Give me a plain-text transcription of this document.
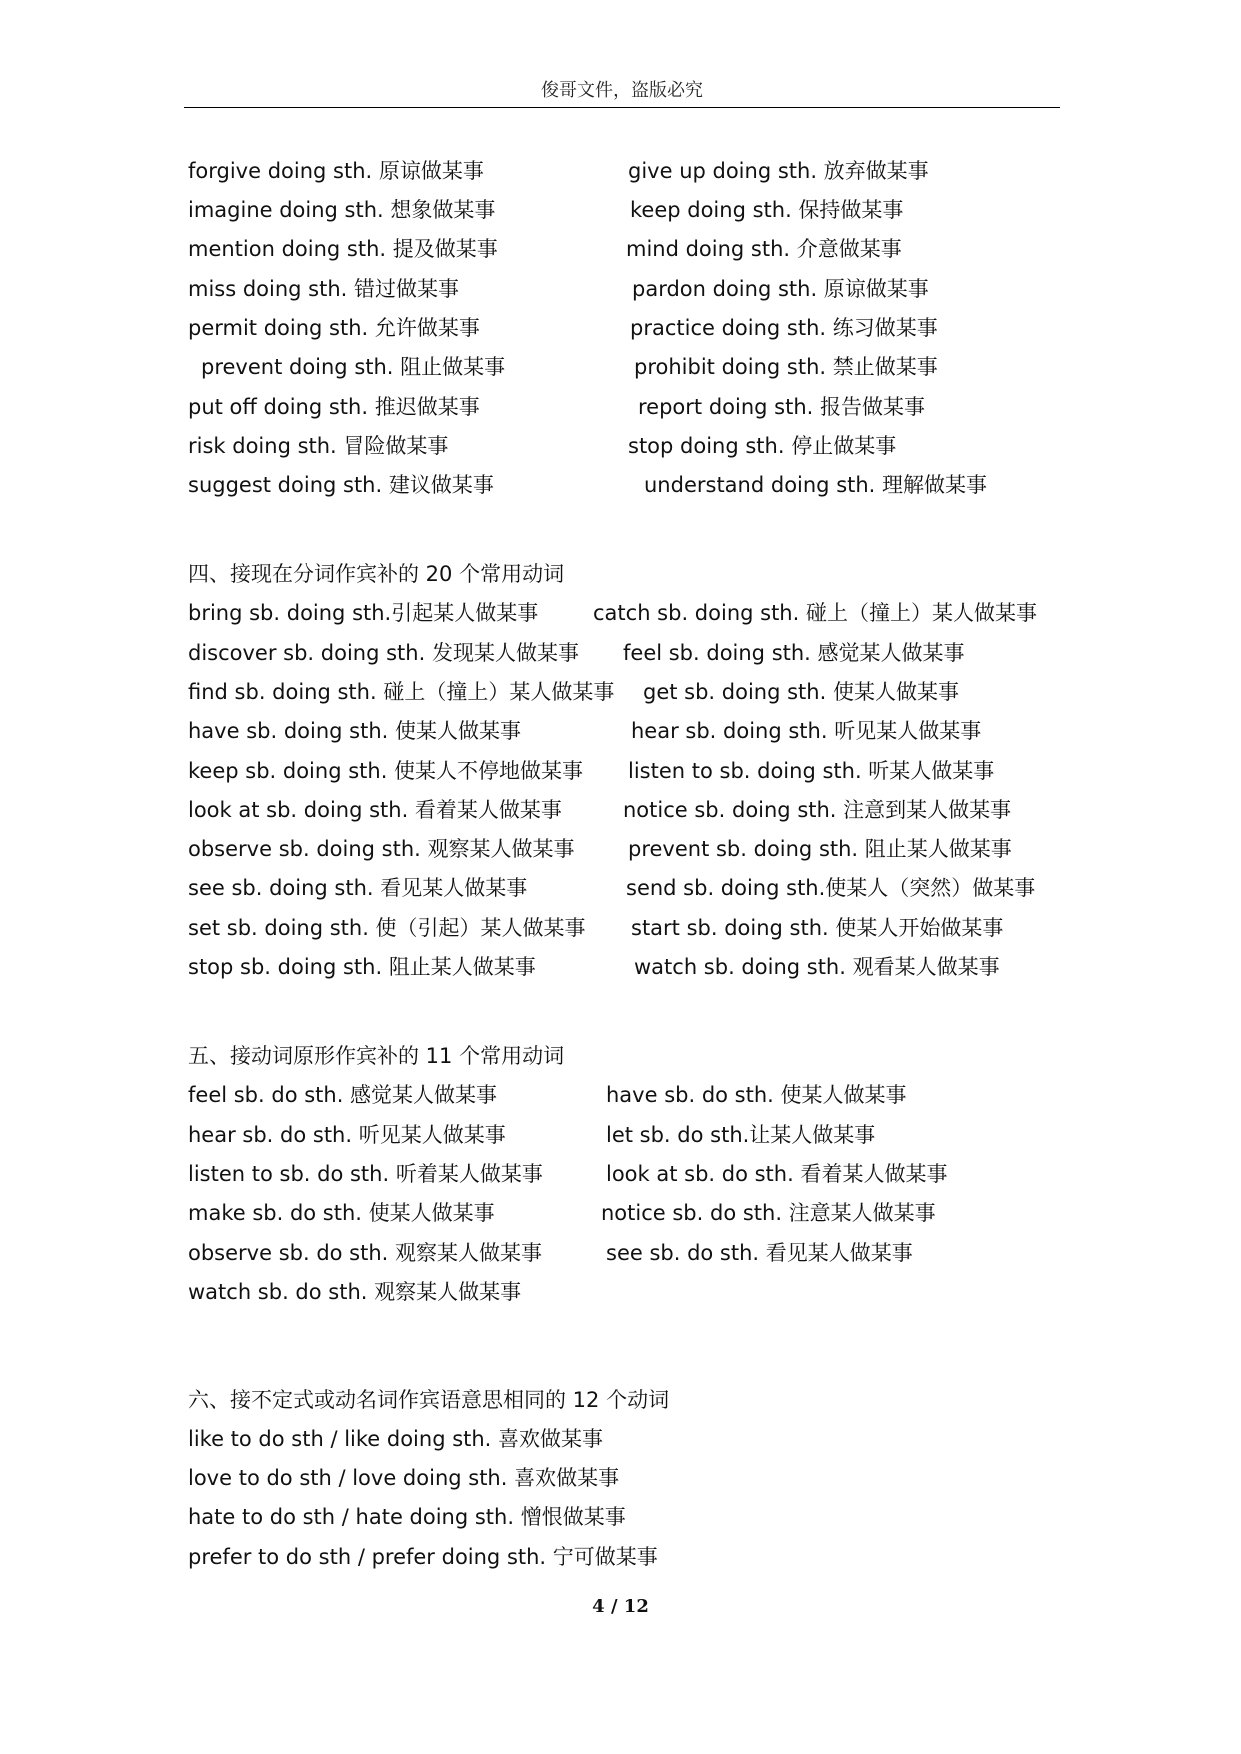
俊哥文件，盗版必究
forgive doing sth. 原谅做某事	give up doing sth. 放弃做某事
imagine doing sth. 想象做某事	keep doing sth. 保持做某事
mention doing sth. 提及做某事	mind doing sth. 介意做某事
miss doing sth. 错过做某事	pardon doing sth. 原谅做某事
permit doing sth. 允许做某事	practice doing sth. 练习做某事
prevent doing sth. 阻止做某事	prohibit doing sth. 禁止做某事
put off doing sth. 推迟做某事	report doing sth. 报告做某事
risk doing sth. 冒险做某事	stop doing sth. 停止做某事
suggest doing sth. 建议做某事	understand doing sth. 理解做某事
四、接现在分词作宾补的 20 个常用动词
bring sb. doing sth.引起某人做某事	catch sb. doing sth. 碰上（撞上）某人做某事
discover sb. doing sth. 发现某人做某事 feel sb. doing sth. 感觉某人做某事
find sb. doing sth. 碰上（撞上）某人做某事 get sb. doing sth. 使某人做某事
have sb. doing sth. 使某人做某事	hear sb. doing sth. 听见某人做某事
keep sb. doing sth. 使某人不停地做某事 listen to sb. doing sth. 听某人做某事
look at sb. doing sth. 看着某人做某事	notice sb. doing sth. 注意到某人做某事
observe sb. doing sth. 观察某人做某事	prevent sb. doing sth. 阻止某人做某事
see sb. doing sth. 看见某人做某事	send sb. doing sth.使某人（突然）做某事
set sb. doing sth. 使（引起）某人做某事 start sb. doing sth. 使某人开始做某事
stop sb. doing sth. 阻止某人做某事	watch sb. doing sth. 观看某人做某事
五、接动词原形作宾补的 11 个常用动词
feel sb. do sth. 感觉某人做某事	have sb. do sth. 使某人做某事
hear sb. do sth. 听见某人做某事	let sb. do sth.让某人做某事
listen to sb. do sth. 听着某人做某事	look at sb. do sth. 看着某人做某事
make sb. do sth. 使某人做某事	notice sb. do sth. 注意某人做某事
observe sb. do sth. 观察某人做某事	see sb. do sth. 看见某人做某事
watch sb. do sth. 观察某人做某事
六、接不定式或动名词作宾语意思相同的 12 个动词
like to do sth / like doing sth. 喜欢做某事
love to do sth / love doing sth. 喜欢做某事
hate to do sth / hate doing sth. 憎恨做某事
prefer to do sth / prefer doing sth. 宁可做某事
4 / 12
